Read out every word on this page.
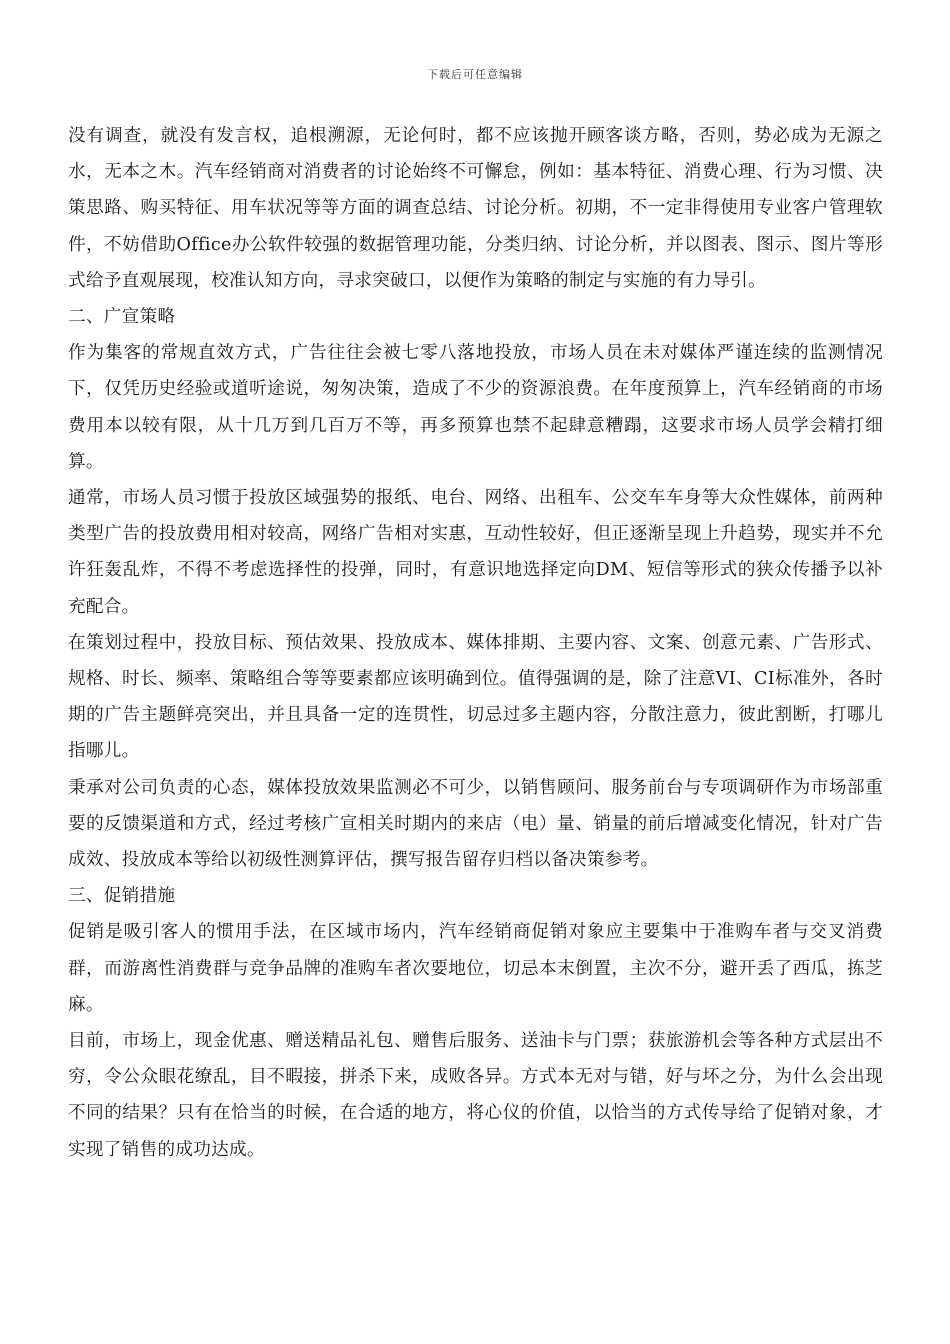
下载后可任意编辑

没有调查，就没有发言权，追根溯源，无论何时，都不应该抛开顾客谈方略，否则，势必成为无源之水，无本之木。汽车经销商对消费者的讨论始终不可懈怠，例如：基本特征、消费心理、行为习惯、决策思路、购买特征、用车状况等等方面的调查总结、讨论分析。初期，不一定非得使用专业客户管理软件，不妨借助Office办公软件较强的数据管理功能，分类归纳、讨论分析，并以图表、图示、图片等形式给予直观展现，校准认知方向，寻求突破口，以便作为策略的制定与实施的有力导引。

二、广宣策略

作为集客的常规直效方式，广告往往会被七零八落地投放，市场人员在未对媒体严谨连续的监测情况下，仅凭历史经验或道听途说，匆匆决策，造成了不少的资源浪费。在年度预算上，汽车经销商的市场费用本以较有限，从十几万到几百万不等，再多预算也禁不起肆意糟蹋，这要求市场人员学会精打细算。

通常，市场人员习惯于投放区域强势的报纸、电台、网络、出租车、公交车车身等大众性媒体，前两种类型广告的投放费用相对较高，网络广告相对实惠，互动性较好，但正逐渐呈现上升趋势，现实并不允许狂轰乱炸，不得不考虑选择性的投弹，同时，有意识地选择定向DM、短信等形式的狭众传播予以补充配合。

在策划过程中，投放目标、预估效果、投放成本、媒体排期、主要内容、文案、创意元素、广告形式、规格、时长、频率、策略组合等等要素都应该明确到位。值得强调的是，除了注意VI、CI标准外，各时期的广告主题鲜亮突出，并且具备一定的连贯性，切忌过多主题内容，分散注意力，彼此割断，打哪儿指哪儿。

秉承对公司负责的心态，媒体投放效果监测必不可少，以销售顾问、服务前台与专项调研作为市场部重要的反馈渠道和方式，经过考核广宣相关时期内的来店（电）量、销量的前后增减变化情况，针对广告成效、投放成本等给以初级性测算评估，撰写报告留存归档以备决策参考。

三、促销措施

促销是吸引客人的惯用手法，在区域市场内，汽车经销商促销对象应主要集中于准购车者与交叉消费群，而游离性消费群与竞争品牌的准购车者次要地位，切忌本末倒置，主次不分，避开丢了西瓜，拣芝麻。

目前，市场上，现金优惠、赠送精品礼包、赠售后服务、送油卡与门票；获旅游机会等各种方式层出不穷，令公众眼花缭乱，目不暇接，拼杀下来，成败各异。方式本无对与错，好与坏之分，为什么会出现不同的结果？只有在恰当的时候，在合适的地方，将心仪的价值，以恰当的方式传导给了促销对象，才实现了销售的成功达成。
